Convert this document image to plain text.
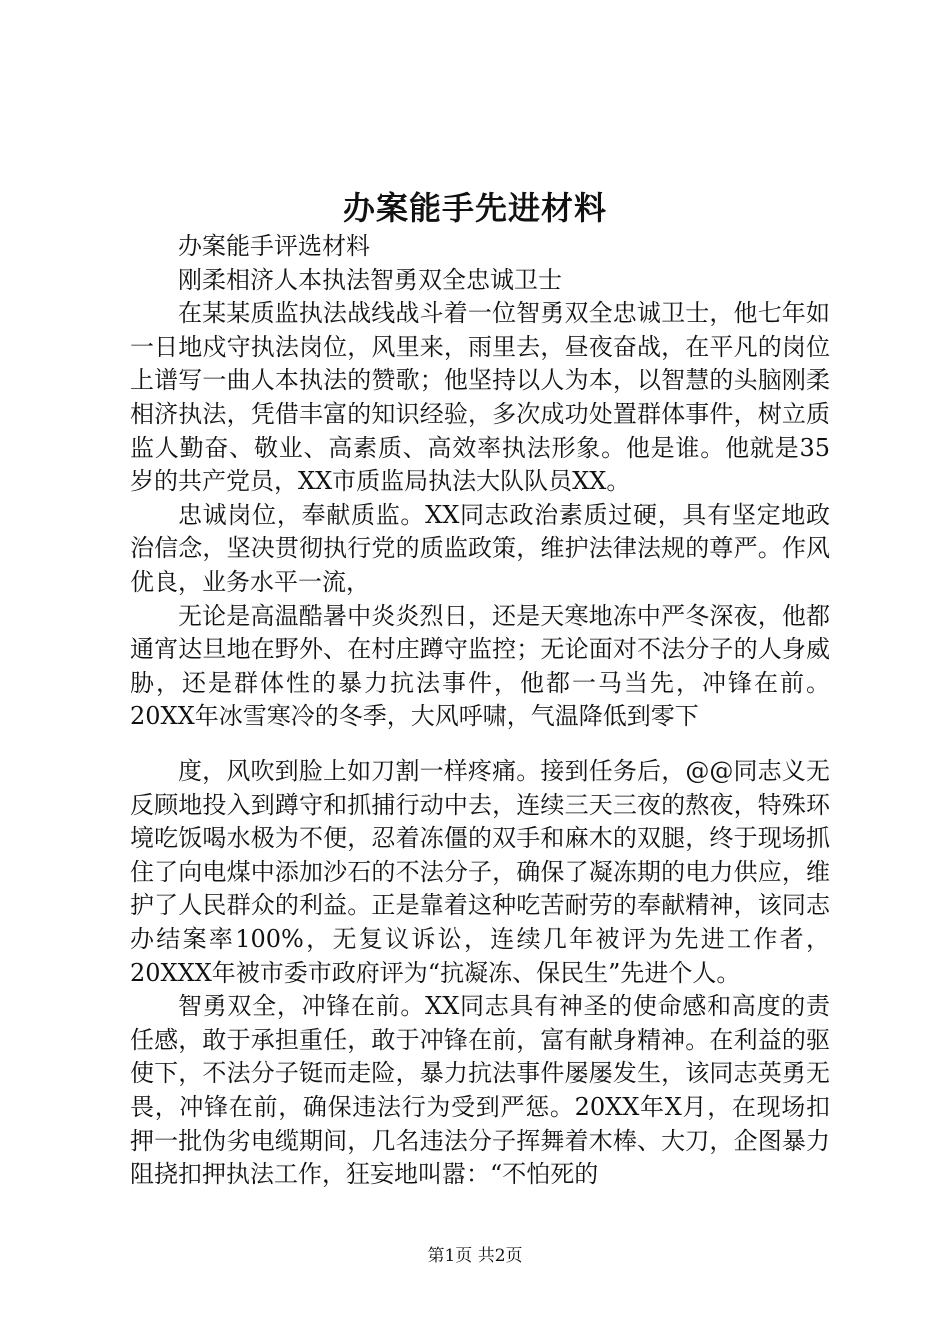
办案能手先进材料

办案能手评选材料

刚柔相济人本执法智勇双全忠诚卫士

在某某质监执法战线战斗着一位智勇双全忠诚卫士，他七年如一日地戍守执法岗位，风里来，雨里去，昼夜奋战，在平凡的岗位上谱写一曲人本执法的赞歌；他坚持以人为本，以智慧的头脑刚柔相济执法，凭借丰富的知识经验，多次成功处置群体事件，树立质监人勤奋、敬业、高素质、高效率执法形象。他是谁。他就是35岁的共产党员，XX市质监局执法大队队员XX。

忠诚岗位，奉献质监。XX同志政治素质过硬，具有坚定地政治信念，坚决贯彻执行党的质监政策，维护法律法规的尊严。作风优良，业务水平一流，

无论是高温酷暑中炎炎烈日，还是天寒地冻中严冬深夜，他都通宵达旦地在野外、在村庄蹲守监控；无论面对不法分子的人身威胁，还是群体性的暴力抗法事件，他都一马当先，冲锋在前。20XX年冰雪寒冷的冬季，大风呼啸，气温降低到零下

度，风吹到脸上如刀割一样疼痛。接到任务后，@@同志义无反顾地投入到蹲守和抓捕行动中去，连续三天三夜的熬夜，特殊环境吃饭喝水极为不便，忍着冻僵的双手和麻木的双腿，终于现场抓住了向电煤中添加沙石的不法分子，确保了凝冻期的电力供应，维护了人民群众的利益。正是靠着这种吃苦耐劳的奉献精神，该同志办结案率100%，无复议诉讼，连续几年被评为先进工作者，20XXX年被市委市政府评为“抗凝冻、保民生”先进个人。

智勇双全，冲锋在前。XX同志具有神圣的使命感和高度的责任感，敢于承担重任，敢于冲锋在前，富有献身精神。在利益的驱使下，不法分子铤而走险，暴力抗法事件屡屡发生，该同志英勇无畏，冲锋在前，确保违法行为受到严惩。20XX年X月，在现场扣押一批伪劣电缆期间，几名违法分子挥舞着木棒、大刀，企图暴力阻挠扣押执法工作，狂妄地叫嚣：“不怕死的

第1页 共2页
